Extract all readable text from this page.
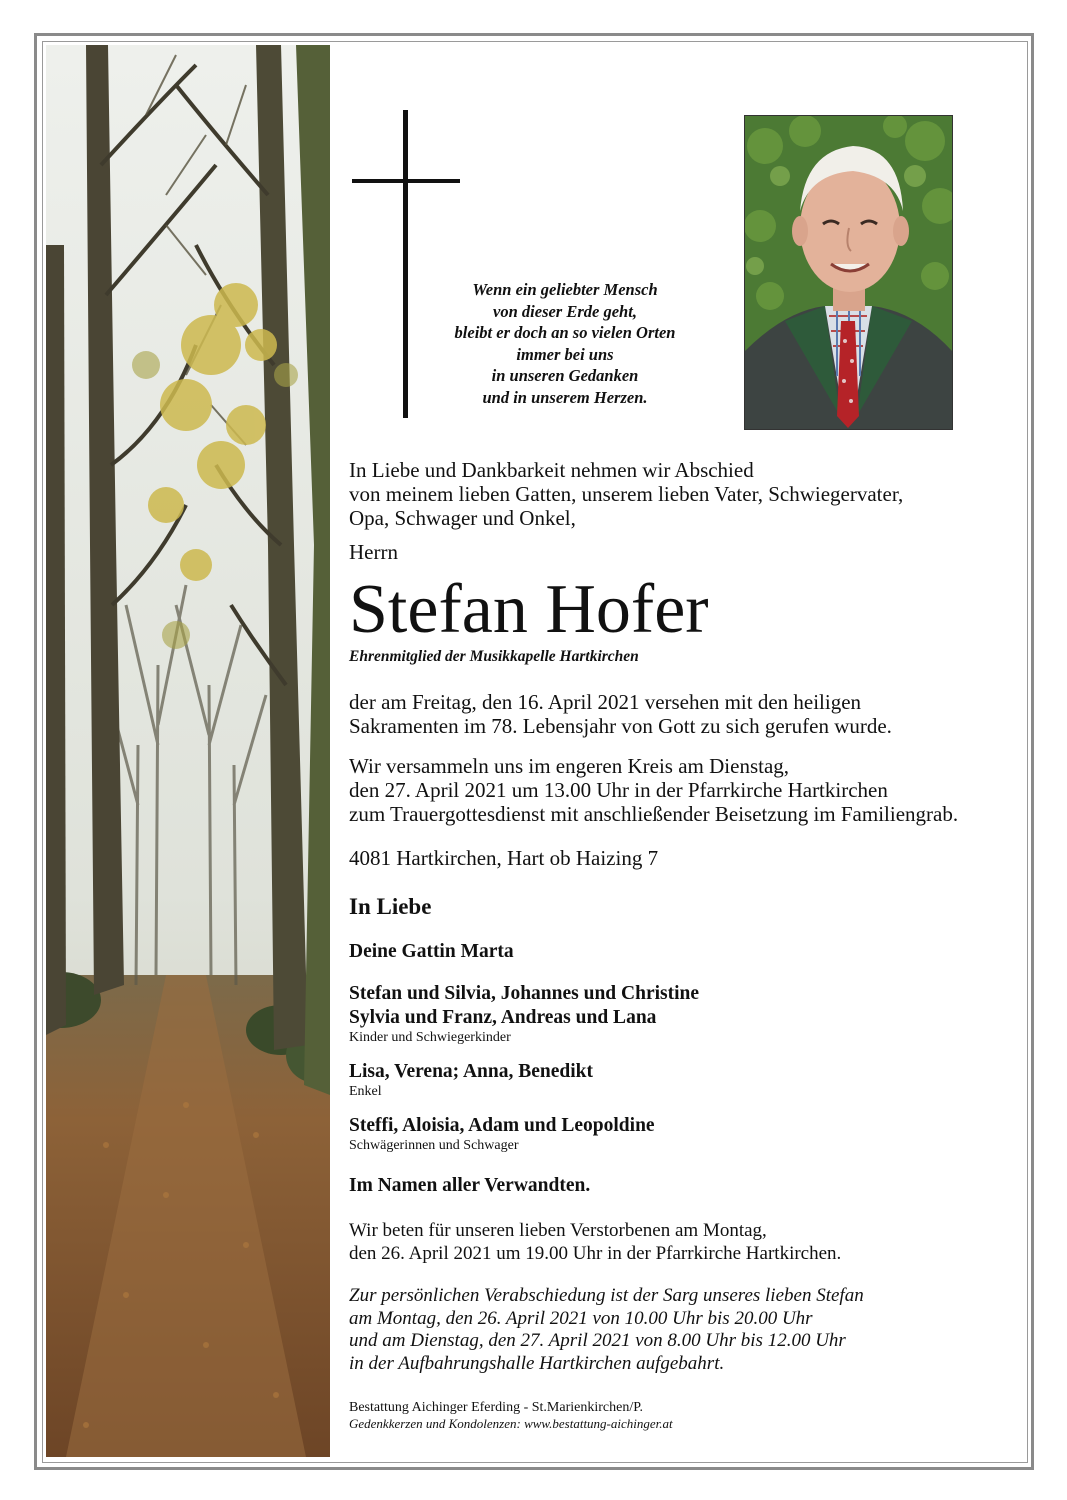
Wenn ein geliebter Mensch
von dieser Erde geht,
bleibt er doch an so vielen Orten
immer bei uns
in unseren Gedanken
und in unserem Herzen.
In Liebe und Dankbarkeit nehmen wir Abschied
von meinem lieben Gatten, unserem lieben Vater, Schwiegervater,
Opa, Schwager und Onkel,
Herrn
Stefan Hofer
Ehrenmitglied der Musikkapelle Hartkirchen
der am Freitag, den 16. April 2021 versehen mit den heiligen
Sakramenten im 78. Lebensjahr von Gott zu sich gerufen wurde.
Wir versammeln uns im engeren Kreis am Dienstag,
den 27. April 2021 um 13.00 Uhr in der Pfarrkirche Hartkirchen
zum Trauergottesdienst mit anschließender Beisetzung im Familiengrab.
4081 Hartkirchen, Hart ob Haizing 7
In Liebe
Deine Gattin Marta
Stefan und Silvia, Johannes und Christine
Sylvia und Franz, Andreas und Lana
Kinder und Schwiegerkinder
Lisa, Verena; Anna, Benedikt
Enkel
Steffi, Aloisia, Adam und Leopoldine
Schwägerinnen und Schwager
Im Namen aller Verwandten.
Wir beten für unseren lieben Verstorbenen am Montag,
den 26. April 2021 um 19.00 Uhr in der Pfarrkirche Hartkirchen.
Zur persönlichen Verabschiedung ist der Sarg unseres lieben Stefan
am Montag, den 26. April 2021 von 10.00 Uhr bis 20.00 Uhr
und am Dienstag, den 27. April 2021 von 8.00 Uhr bis 12.00 Uhr
in der Aufbahrungshalle Hartkirchen aufgebahrt.
Bestattung Aichinger Eferding - St.Marienkirchen/P.
Gedenkkerzen und Kondolenzen: www.bestattung-aichinger.at
